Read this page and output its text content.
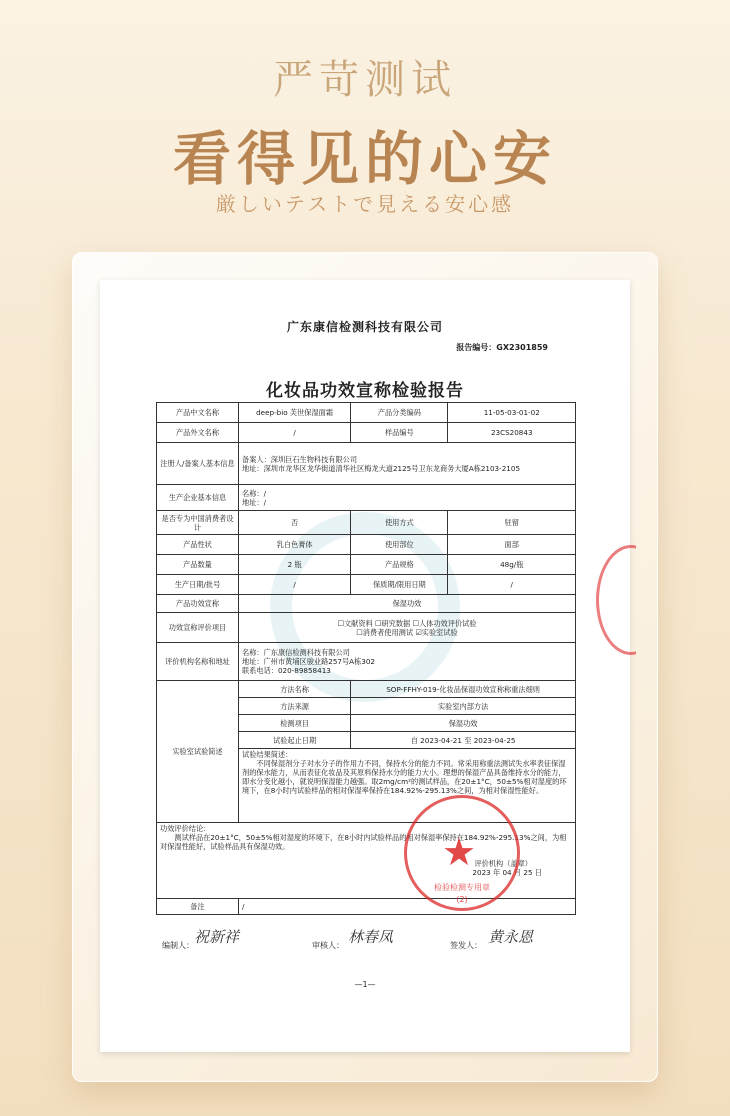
严苛测试
看得见的心安
厳しいテストで見える安心感
广东康信检测科技有限公司
报告编号：GX2301859
化妆品功效宣称检验报告
产品中文名称	deep-bio 芙世保湿面霜	产品分类编码	11-05-03-01-02
产品外文名称	/	样品编号	23CS20843
注册人/备案人基本信息	备案人：深圳巨石生物科技有限公司
地址：深圳市龙华区龙华街道清华社区梅龙大道2125号卫东龙商务大厦A栋2103-2105		

生产企业基本信息	名称：/
地址：/		

是否专为中国消费者设计	否	使用方式	驻留
产品性状	乳白色膏体	使用部位	面部
产品数量	2 瓶	产品规格	48g/瓶
生产日期/批号	/	保质期/限用日期	/
产品功效宣称	保湿功效		
功效宣称评价项目	☐文献资料 ☐研究数据 ☐人体功效评价试验
☐消费者使用测试 ☑实验室试验		

评价机构名称和地址	名称：广东康信检测科技有限公司
地址：广州市黄埔区骏业路257号A栋302
联系电话：020-89858413		

实验室试验简述	方法名称	SOP-FFHY-019-化妆品保湿功效宣称称重法细则	
	方法来源	实验室内部方法	
	检测项目	保湿功效	
	试验起止日期	自 2023-04-21 至 2023-04-25	

	试验结果简述：
不同保湿剂分子对水分子的作用力不同，保持水分的能力不同。常采用称重法测试失水率表征保湿剂的保水能力，从而表征化妆品及其原料保持水分的能力大小。理想的保湿产品具备维持水分的能力，即水分变化越小，就说明保湿能力越强。取2mg/cm²的测试样品，在20±1°C，50±5%相对湿度的环境下，在8小时内试验样品的相对保湿率保持在184.92%-295.13%之间，为相对保湿性能好。		

功效评价结论：
测试样品在20±1°C，50±5%相对湿度的环境下，在8小时内试验样品的相对保湿率保持在184.92%-295.13%之间，为相对保湿性能好，试验样品具有保湿功效。
评价机构（盖章）
2023 年 04 月 25 日			

备注	/		
★
检验检测专用章
(2)
编制人： 祝新祥	审核人： 林春凤	签发人： 黄永恩
—1—
